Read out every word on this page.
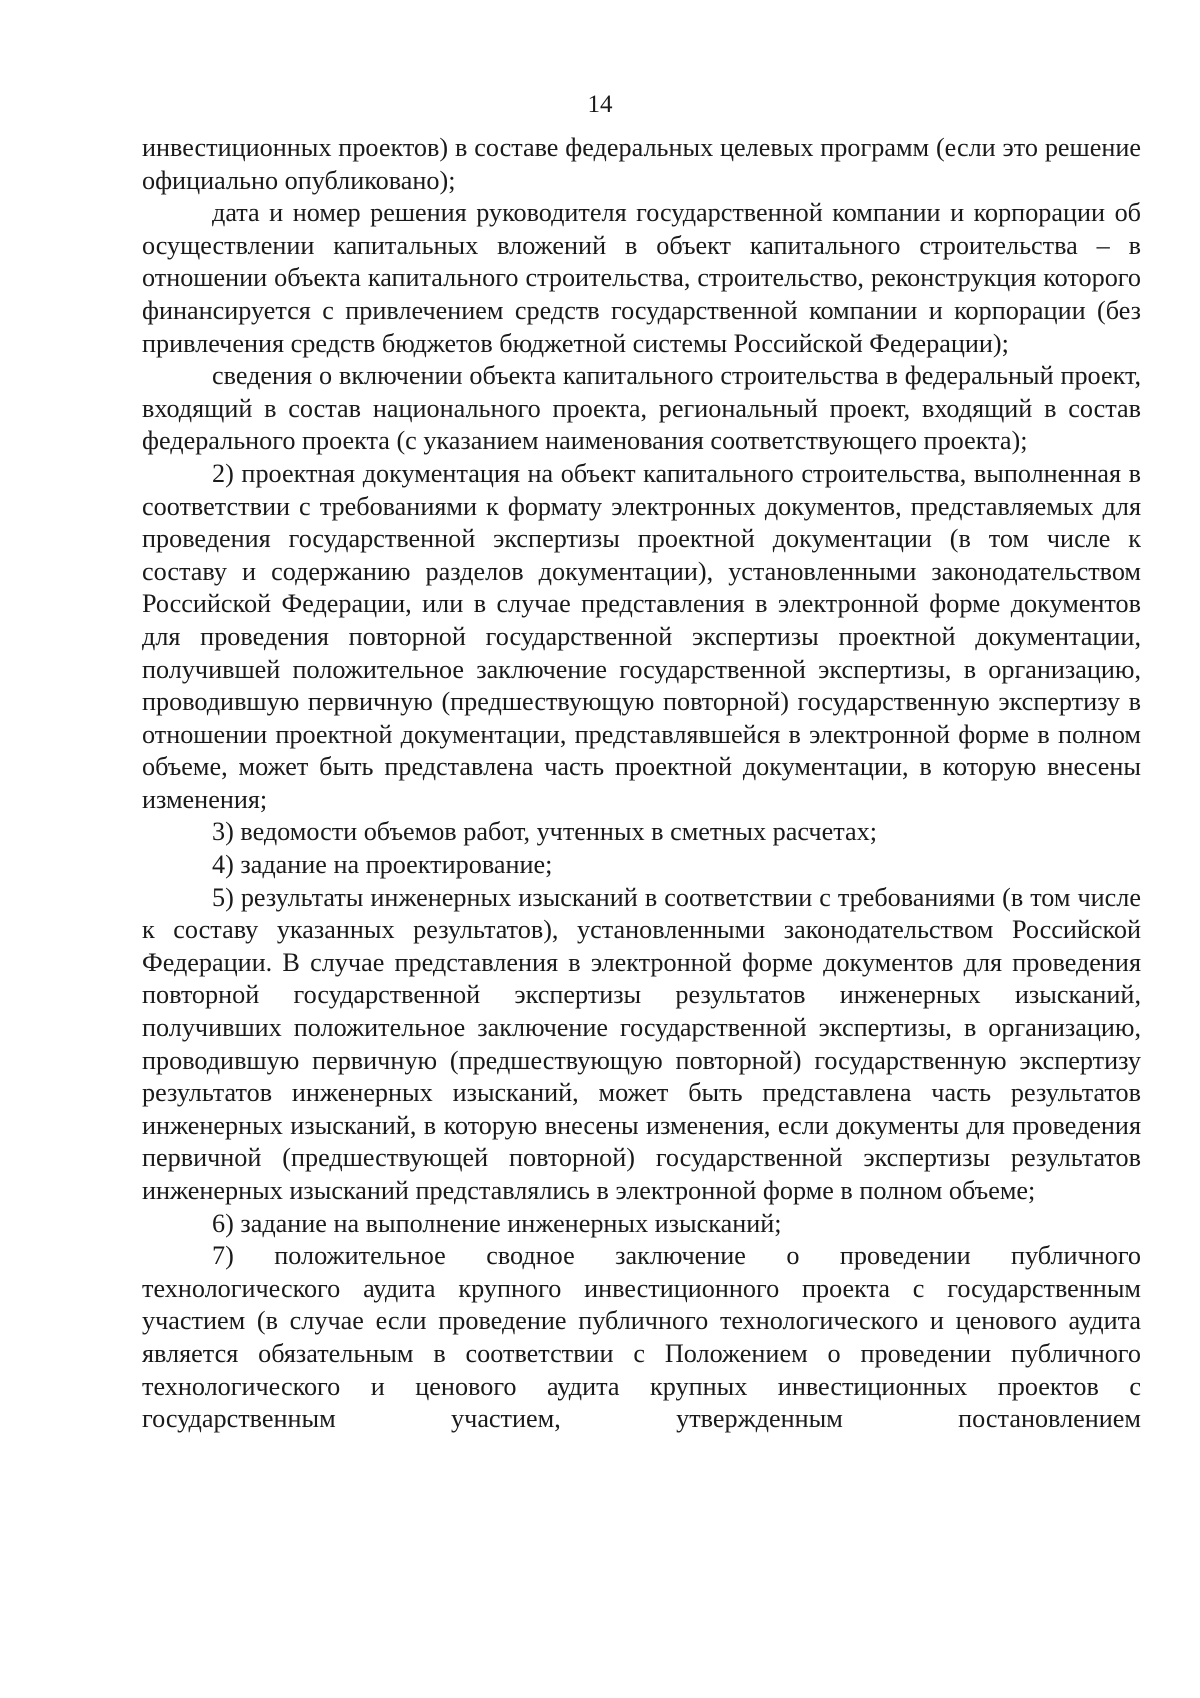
14

инвестиционных проектов) в составе федеральных целевых программ (если это решение официально опубликовано);

дата и номер решения руководителя государственной компании и корпорации об осуществлении капитальных вложений в объект капитального строительства – в отношении объекта капитального строительства, строительство, реконструкция которого финансируется с привлечением средств государственной компании и корпорации (без привлечения средств бюджетов бюджетной системы Российской Федерации);

сведения о включении объекта капитального строительства в федеральный проект, входящий в состав национального проекта, региональный проект, входящий в состав федерального проекта (с указанием наименования соответствующего проекта);

2) проектная документация на объект капитального строительства, выполненная в соответствии с требованиями к формату электронных документов, представляемых для проведения государственной экспертизы проектной документации (в том числе к составу и содержанию разделов документации), установленными законодательством Российской Федерации, или в случае представления в электронной форме документов для проведения повторной государственной экспертизы проектной документации, получившей положительное заключение государственной экспертизы, в организацию, проводившую первичную (предшествующую повторной) государственную экспертизу в отношении проектной документации, представлявшейся в электронной форме в полном объеме, может быть представлена часть проектной документации, в которую внесены изменения;

3) ведомости объемов работ, учтенных в сметных расчетах;

4) задание на проектирование;

5) результаты инженерных изысканий в соответствии с требованиями (в том числе к составу указанных результатов), установленными законодательством Российской Федерации. В случае представления в электронной форме документов для проведения повторной государственной экспертизы результатов инженерных изысканий, получивших положительное заключение государственной экспертизы, в организацию, проводившую первичную (предшествующую повторной) государственную экспертизу результатов инженерных изысканий, может быть представлена часть результатов инженерных изысканий, в которую внесены изменения, если документы для проведения первичной (предшествующей повторной) государственной экспертизы результатов инженерных изысканий представлялись в электронной форме в полном объеме;

6) задание на выполнение инженерных изысканий;

7) положительное сводное заключение о проведении публичного технологического аудита крупного инвестиционного проекта с государственным участием (в случае если проведение публичного технологического и ценового аудита является обязательным в соответствии с Положением о проведении публичного технологического и ценового аудита крупных инвестиционных проектов с государственным участием, утвержденным постановлением
